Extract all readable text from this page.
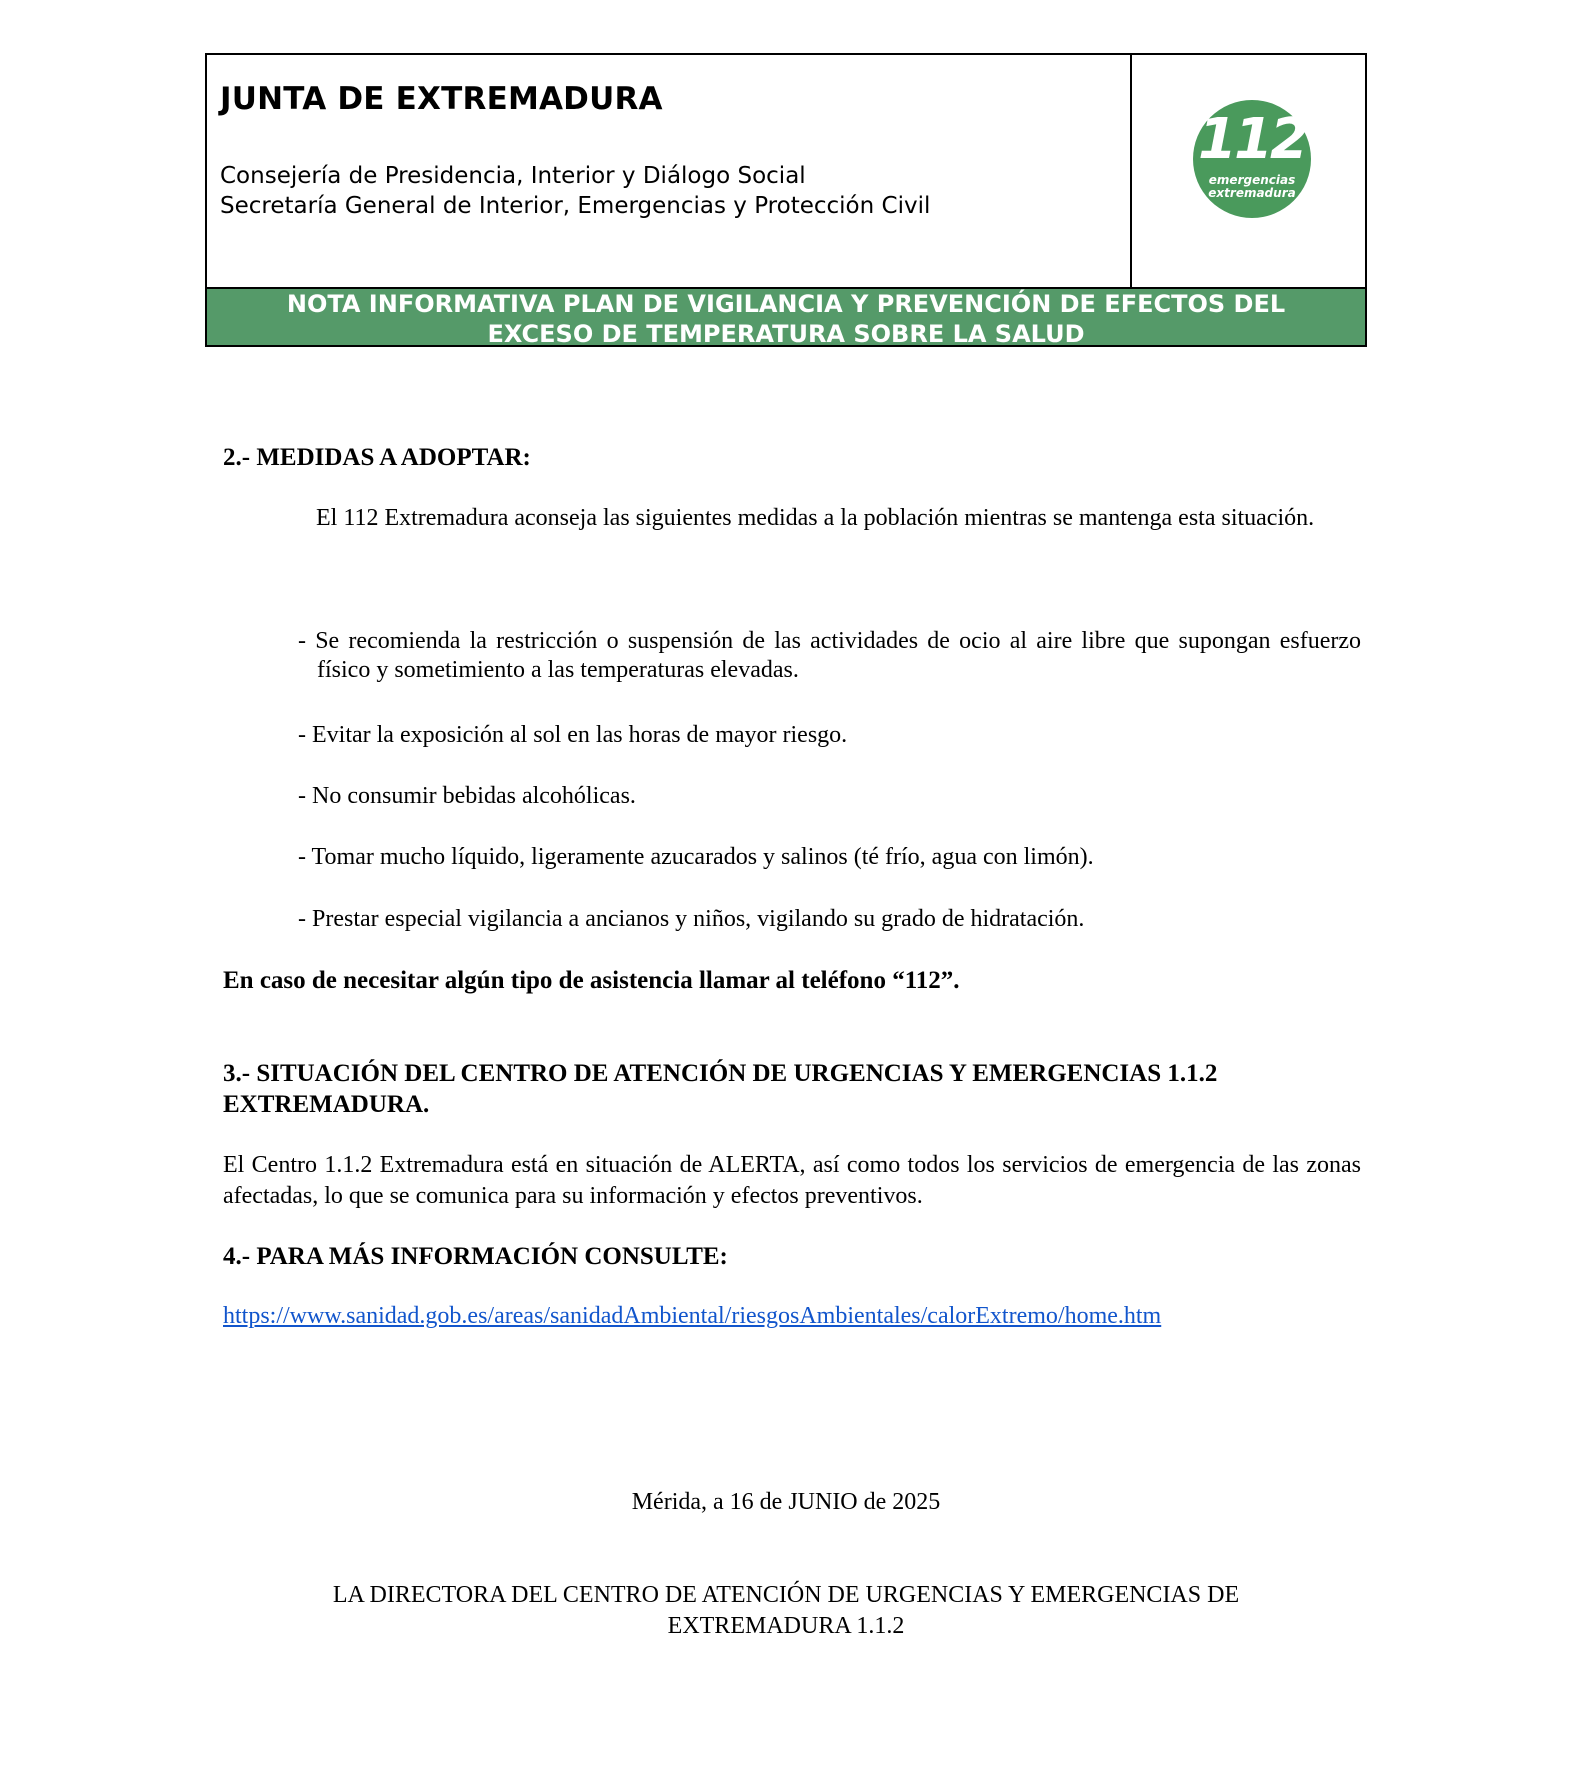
JUNTA DE EXTREMADURA

Consejería de Presidencia, Interior y Diálogo Social

Secretaría General de Interior, Emergencias y Protección Civil

NOTA INFORMATIVA PLAN DE VIGILANCIA Y PREVENCIÓN DE EFECTOS DEL
EXCESO DE TEMPERATURA SOBRE LA SALUD
112
emergencias
extremadura
2.- MEDIDAS A ADOPTAR:

El 112 Extremadura aconseja las siguientes medidas a la población mientras se mantenga esta situación.

- Se recomienda la restricción o suspensión de las actividades de ocio al aire libre que supongan esfuerzo físico y sometimiento a las temperaturas elevadas.
- Evitar la exposición al sol en las horas de mayor riesgo.
- No consumir bebidas alcohólicas.
- Tomar mucho líquido, ligeramente azucarados y salinos (té frío, agua con limón).
- Prestar especial vigilancia a ancianos y niños, vigilando su grado de hidratación.

En caso de necesitar algún tipo de asistencia llamar al teléfono “112”.

3.- SITUACIÓN DEL CENTRO DE ATENCIÓN DE URGENCIAS Y EMERGENCIAS 1.1.2 EXTREMADURA.

El Centro 1.1.2 Extremadura está en situación de ALERTA, así como todos los servicios de emergencia de las zonas afectadas, lo que se comunica para su información y efectos preventivos.

4.- PARA MÁS INFORMACIÓN CONSULTE:
https://www.sanidad.gob.es/areas/sanidadAmbiental/riesgosAmbientales/calorExtremo/home.htm
Mérida, a 16 de JUNIO de 2025
LA DIRECTORA DEL CENTRO DE ATENCIÓN DE URGENCIAS Y EMERGENCIAS DE
EXTREMADURA 1.1.2
